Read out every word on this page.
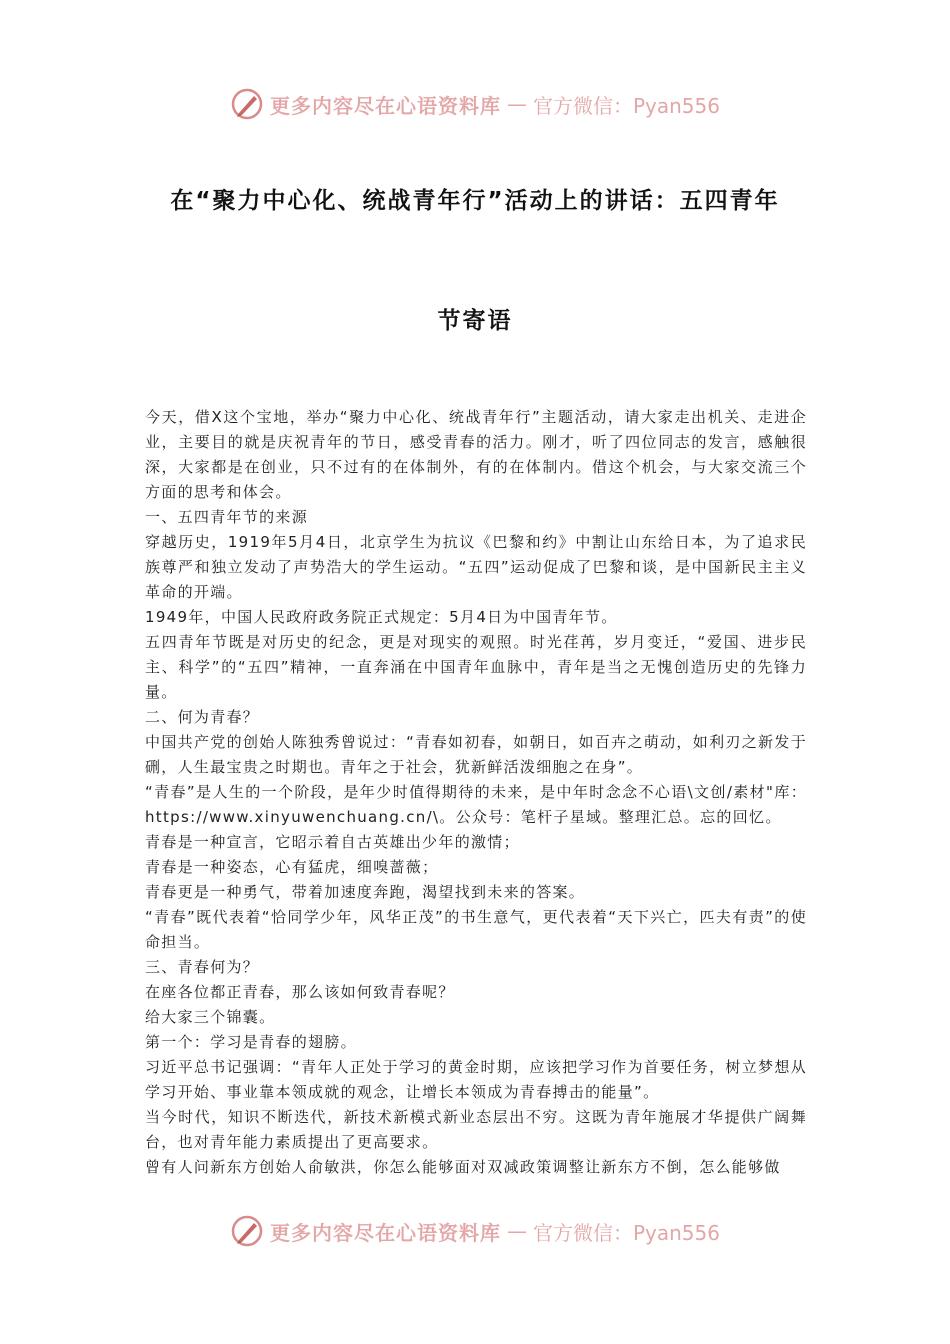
更多内容尽在心语资料库 — 官方微信：Pyan556
在“聚力中心化、统战青年行”活动上的讲话：五四青年
节寄语

今天，借X这个宝地，举办“聚力中心化、统战青年行”主题活动，请大家走出机关、走进企业，主要目的就是庆祝青年的节日，感受青春的活力。刚才，听了四位同志的发言，感触很深，大家都是在创业，只不过有的在体制外，有的在体制内。借这个机会，与大家交流三个方面的思考和体会。

一、五四青年节的来源

穿越历史，1919年5月4日，北京学生为抗议《巴黎和约》中割让山东给日本，为了追求民族尊严和独立发动了声势浩大的学生运动。“五四”运动促成了巴黎和谈，是中国新民主主义革命的开端。

1949年，中国人民政府政务院正式规定：5月4日为中国青年节。

五四青年节既是对历史的纪念，更是对现实的观照。时光荏苒，岁月变迁，“爱国、进步民主、科学”的“五四”精神，一直奔涌在中国青年血脉中，青年是当之无愧创造历史的先锋力量。

二、何为青春？

中国共产党的创始人陈独秀曾说过：“青春如初春，如朝日，如百卉之萌动，如利刃之新发于硎，人生最宝贵之时期也。青年之于社会，犹新鲜活泼细胞之在身”。

“青春”是人生的一个阶段，是年少时值得期待的未来，是中年时念念不心语\文创/素材"库：https://www.xinyuwenchuang.cn/\。公众号：笔杆子星域。整理汇总。忘的回忆。

青春是一种宣言，它昭示着自古英雄出少年的激情；

青春是一种姿态，心有猛虎，细嗅蔷薇；

青春更是一种勇气，带着加速度奔跑，渴望找到未来的答案。

“青春”既代表着“恰同学少年，风华正茂”的书生意气，更代表着“天下兴亡，匹夫有责”的使命担当。

三、青春何为？

在座各位都正青春，那么该如何致青春呢？

给大家三个锦囊。

第一个：学习是青春的翅膀。

习近平总书记强调：“青年人正处于学习的黄金时期，应该把学习作为首要任务，树立梦想从学习开始、事业靠本领成就的观念，让增长本领成为青春搏击的能量”。

当今时代，知识不断迭代，新技术新模式新业态层出不穷。这既为青年施展才华提供广阔舞台，也对青年能力素质提出了更高要求。

曾有人问新东方创始人俞敏洪，你怎么能够面对双减政策调整让新东方不倒，怎么能够做

更多内容尽在心语资料库 — 官方微信：Pyan556
